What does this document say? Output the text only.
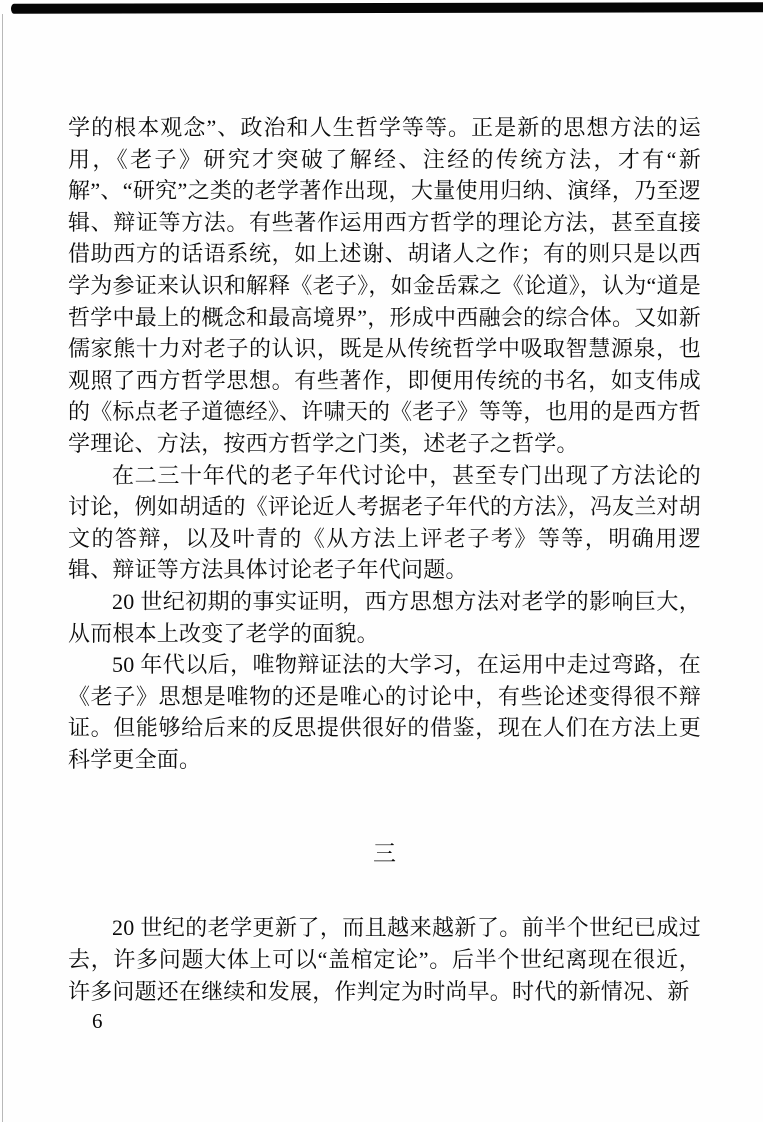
学的根本观念”、政治和人生哲学等等。正是新的思想方法的运用，《老子》研究才突破了解经、注经的传统方法，才有“新解”、“研究”之类的老学著作出现，大量使用归纳、演绎，乃至逻辑、辩证等方法。有些著作运用西方哲学的理论方法，甚至直接借助西方的话语系统，如上述谢、胡诸人之作；有的则只是以西学为参证来认识和解释《老子》，如金岳霖之《论道》，认为“道是哲学中最上的概念和最高境界”，形成中西融会的综合体。又如新儒家熊十力对老子的认识，既是从传统哲学中吸取智慧源泉，也观照了西方哲学思想。有些著作，即便用传统的书名，如支伟成的《标点老子道德经》、许啸天的《老子》等等，也用的是西方哲学理论、方法，按西方哲学之门类，述老子之哲学。

在二三十年代的老子年代讨论中，甚至专门出现了方法论的讨论，例如胡适的《评论近人考据老子年代的方法》，冯友兰对胡文的答辩，以及叶青的《从方法上评老子考》等等，明确用逻辑、辩证等方法具体讨论老子年代问题。

20 世纪初期的事实证明，西方思想方法对老学的影响巨大，从而根本上改变了老学的面貌。

50 年代以后，唯物辩证法的大学习，在运用中走过弯路，在《老子》思想是唯物的还是唯心的讨论中，有些论述变得很不辩证。但能够给后来的反思提供很好的借鉴，现在人们在方法上更科学更全面。

三

20 世纪的老学更新了，而且越来越新了。前半个世纪已成过去，许多问题大体上可以“盖棺定论”。后半个世纪离现在很近，许多问题还在继续和发展，作判定为时尚早。时代的新情况、新

6
